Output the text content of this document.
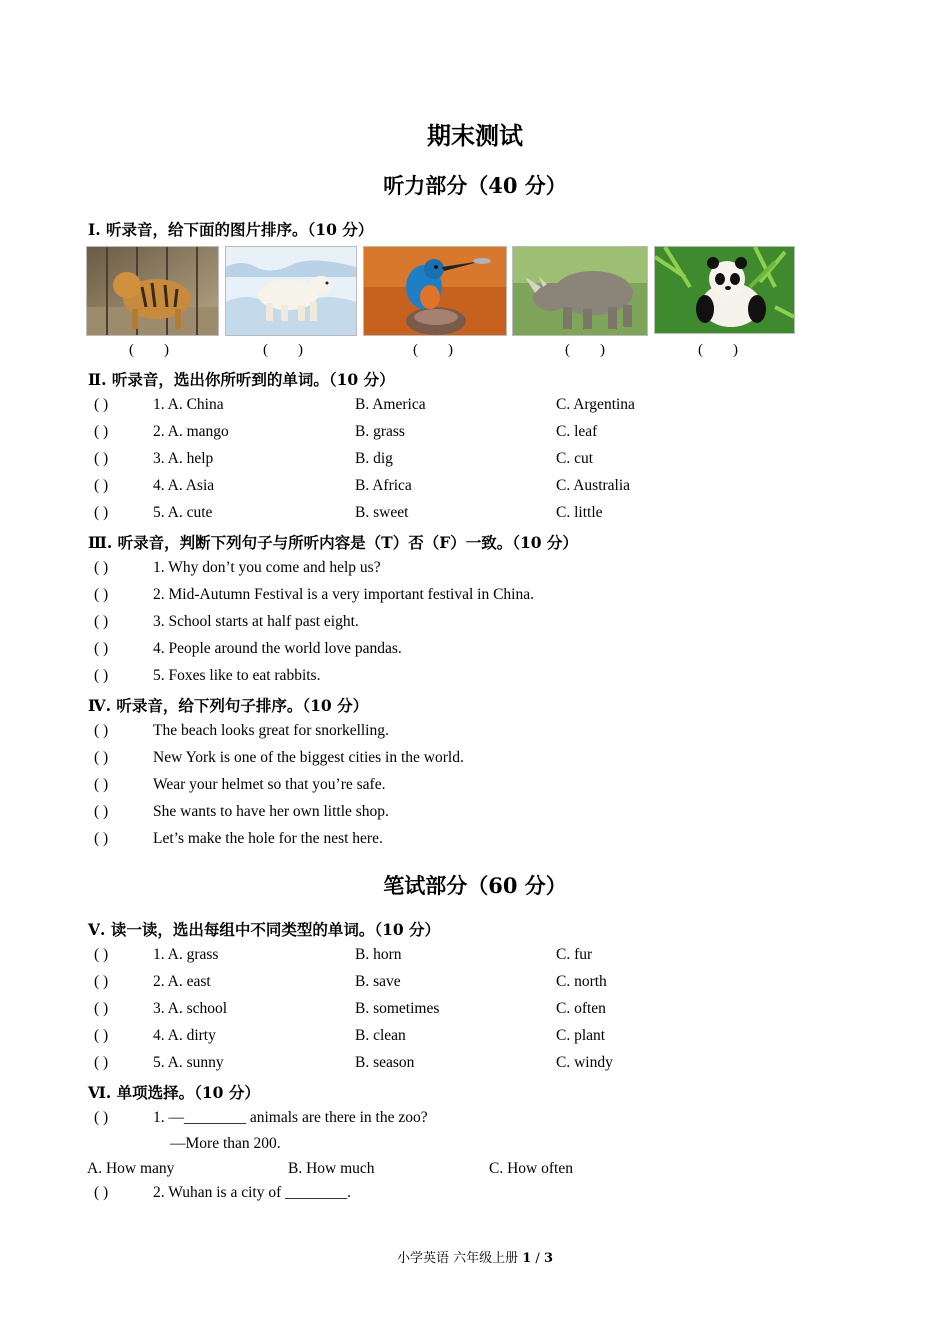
期末测试
听力部分（40 分）
Ⅰ. 听录音，给下面的图片排序。（10 分）
(        )	(        )	(        )	(        )	(        )
Ⅱ. 听录音，选出你所听到的单词。（10 分）
( )	1. A. China	B. America	C. Argentina
( )	2. A. mango	B. grass	C. leaf
( )	3. A. help	B. dig	C. cut
( )	4. A. Asia	B. Africa	C. Australia
( )	5. A. cute	B. sweet	C. little
Ⅲ. 听录音，判断下列句子与所听内容是（T）否（F）一致。（10 分）
( )	1. Why don’t you come and help us?
( )	2. Mid-Autumn Festival is a very important festival in China.
( )	3. School starts at half past eight.
( )	4. People around the world love pandas.
( )	5. Foxes like to eat rabbits.
Ⅳ. 听录音，给下列句子排序。（10 分）
( )	The beach looks great for snorkelling.
( )	New York is one of the biggest cities in the world.
( )	Wear your helmet so that you’re safe.
( )	She wants to have her own little shop.
( )	Let’s make the hole for the nest here.
笔试部分（60 分）
Ⅴ. 读一读，选出每组中不同类型的单词。（10 分）
( )	1. A. grass	B. horn	C. fur
( )	2. A. east	B. save	C. north
( )	3. A. school	B. sometimes	C. often
( )	4. A. dirty	B. clean	C. plant
( )	5. A. sunny	B. season	C. windy
Ⅵ. 单项选择。（10 分）
( )	1. —________ animals are there in the zoo?
—More than 200.
A. How many	B. How much	C. How often
( )	2. Wuhan is a city of ________.
小学英语 六年级上册 1 / 3
